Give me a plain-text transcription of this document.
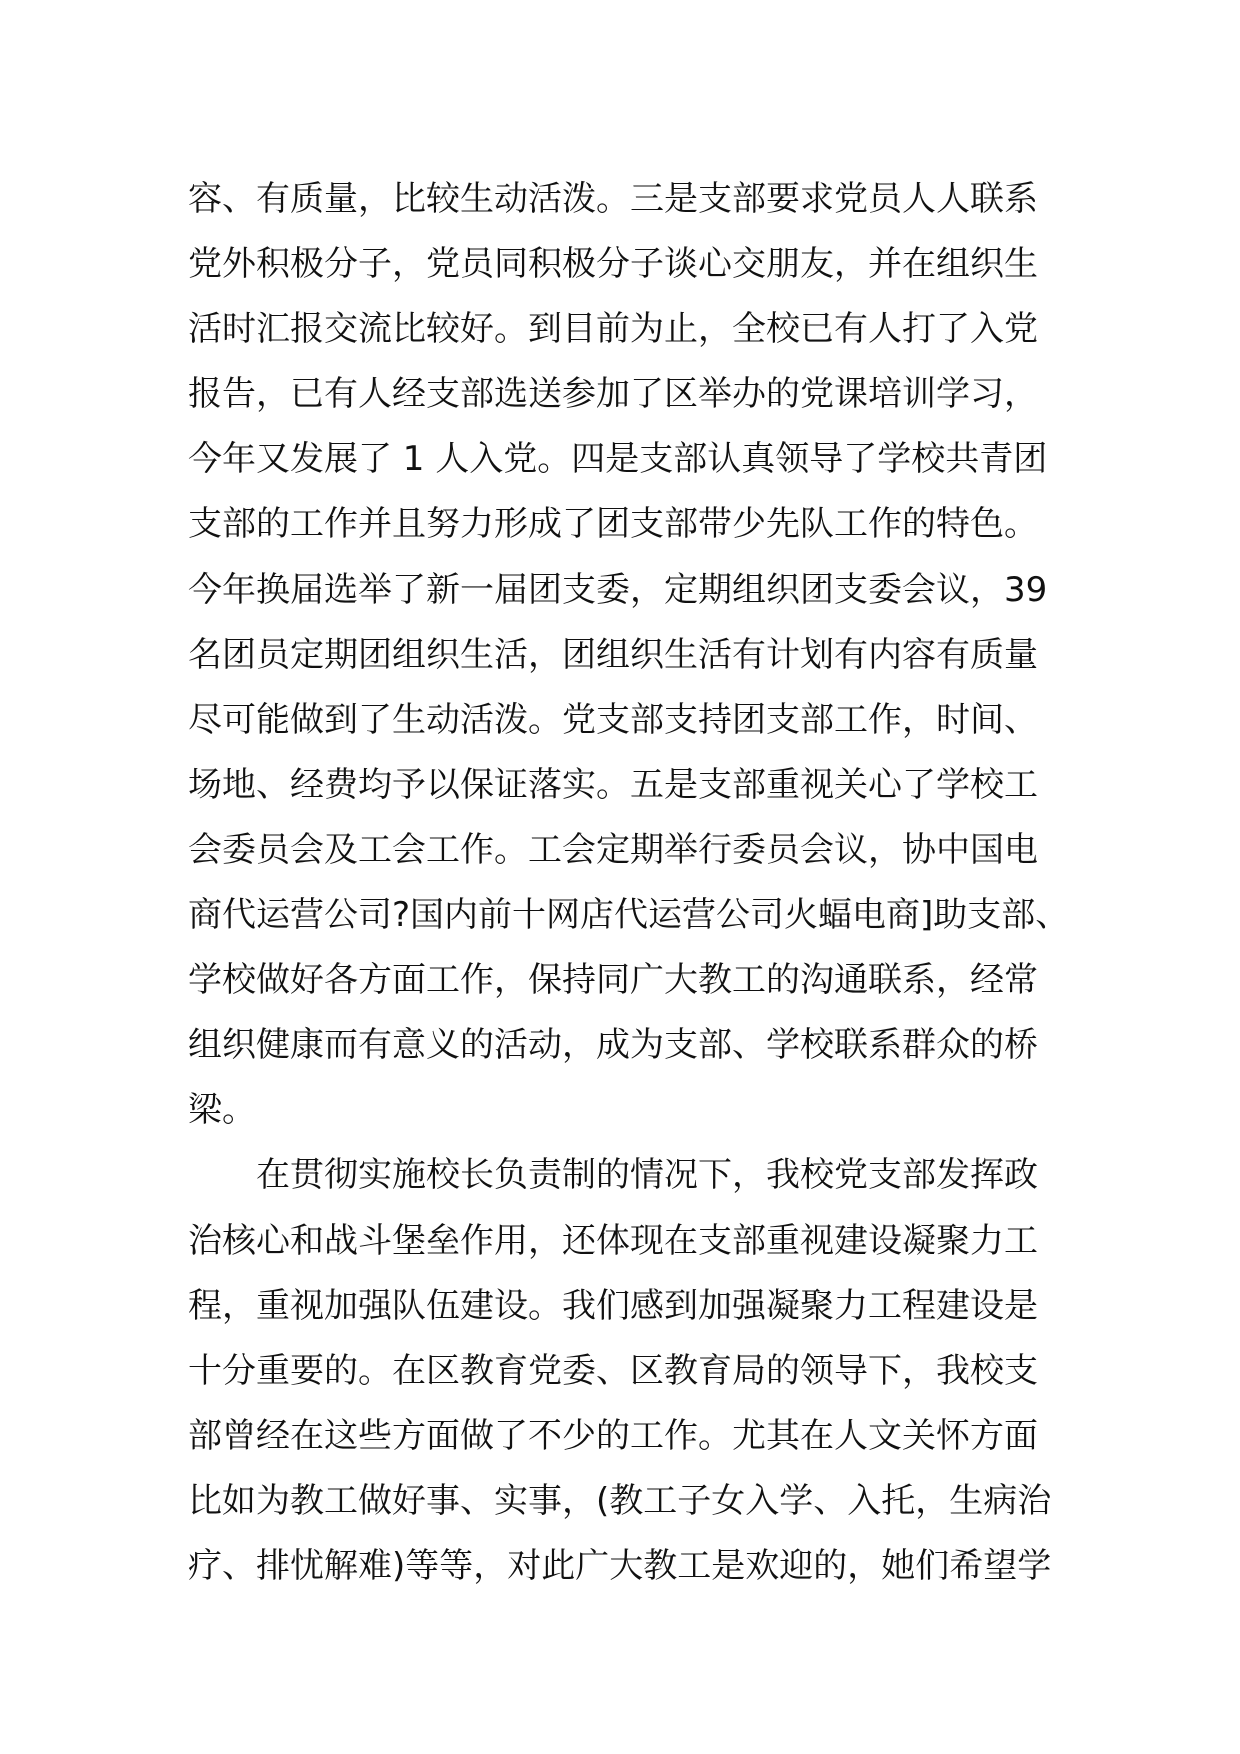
容、有质量，比较生动活泼。三是支部要求党员人人联系
党外积极分子，党员同积极分子谈心交朋友，并在组织生
活时汇报交流比较好。到目前为止，全校已有人打了入党
报告，已有人经支部选送参加了区举办的党课培训学习，
今年又发展了 1 人入党。四是支部认真领导了学校共青团
支部的工作并且努力形成了团支部带少先队工作的特色。
今年换届选举了新一届团支委，定期组织团支委会议，39
名团员定期团组织生活，团组织生活有计划有内容有质量
尽可能做到了生动活泼。党支部支持团支部工作，时间、
场地、经费均予以保证落实。五是支部重视关心了学校工
会委员会及工会工作。工会定期举行委员会议，协中国电
商代运营公司?国内前十网店代运营公司火蝠电商]助支部、
学校做好各方面工作，保持同广大教工的沟通联系，经常
组织健康而有意义的活动，成为支部、学校联系群众的桥
梁。
在贯彻实施校长负责制的情况下，我校党支部发挥政
治核心和战斗堡垒作用，还体现在支部重视建设凝聚力工
程，重视加强队伍建设。我们感到加强凝聚力工程建设是
十分重要的。在区教育党委、区教育局的领导下，我校支
部曾经在这些方面做了不少的工作。尤其在人文关怀方面
比如为教工做好事、实事，(教工子女入学、入托，生病治
疗、排忧解难)等等，对此广大教工是欢迎的，她们希望学
